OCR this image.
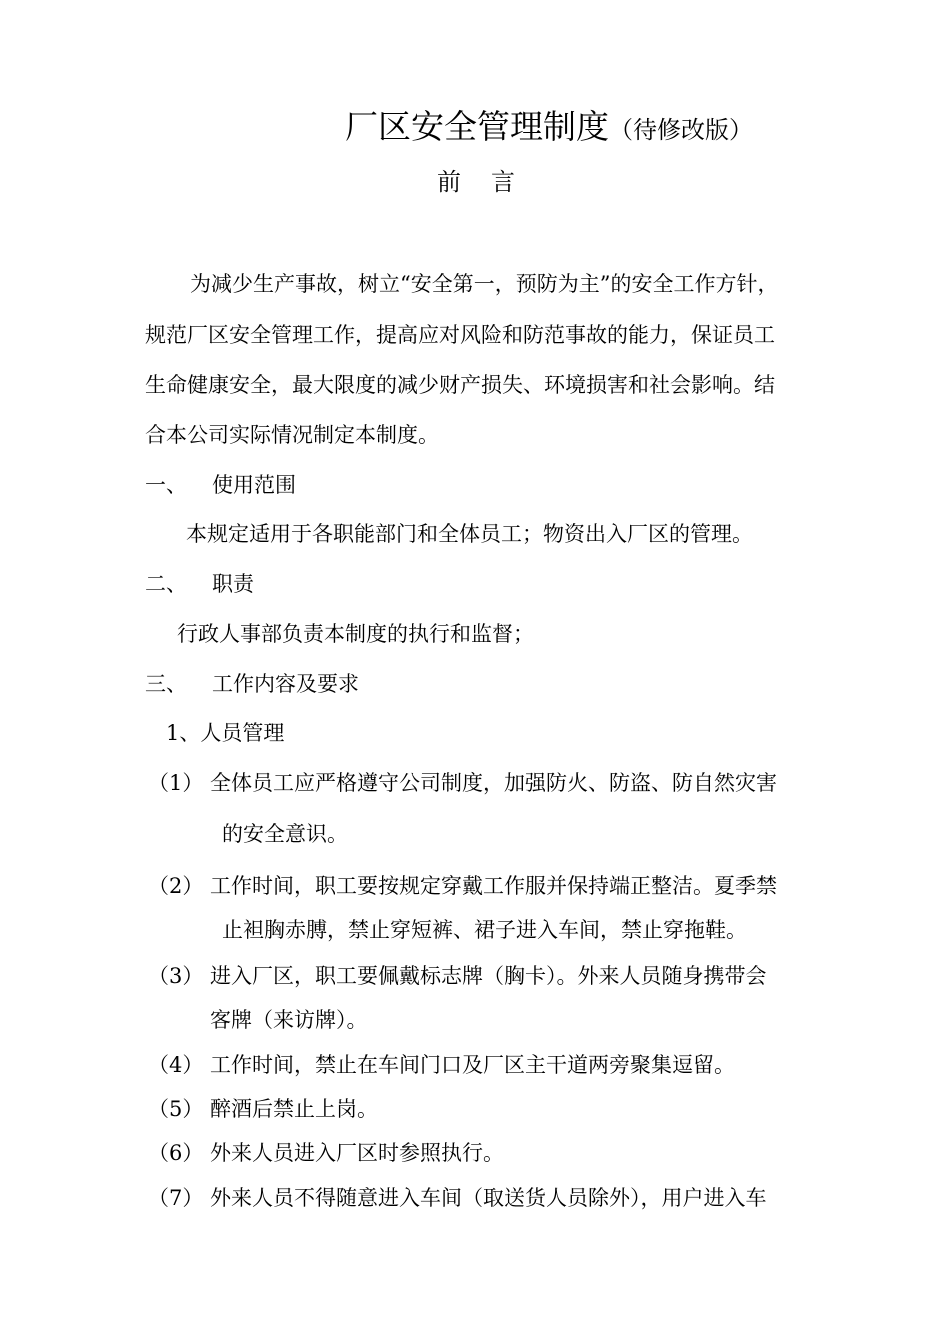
厂区安全管理制度（待修改版）
前言
为减少生产事故，树立“安全第一，预防为主”的安全工作方针，
规范厂区安全管理工作，提高应对风险和防范事故的能力，保证员工
生命健康安全，最大限度的减少财产损失、环境损害和社会影响。结
合本公司实际情况制定本制度。
一、 使用范围
本规定适用于各职能部门和全体员工；物资出入厂区的管理。
二、 职责
行政人事部负责本制度的执行和监督；
三、 工作内容及要求
1、人员管理
（1） 全体员工应严格遵守公司制度，加强防火、防盗、防自然灾害
的安全意识。
（2） 工作时间，职工要按规定穿戴工作服并保持端正整洁。夏季禁
止袒胸赤膊，禁止穿短裤、裙子进入车间，禁止穿拖鞋。
（3） 进入厂区，职工要佩戴标志牌（胸卡）。外来人员随身携带会
客牌（来访牌）。
（4） 工作时间，禁止在车间门口及厂区主干道两旁聚集逗留。
（5） 醉酒后禁止上岗。
（6） 外来人员进入厂区时参照执行。
（7） 外来人员不得随意进入车间（取送货人员除外），用户进入车
